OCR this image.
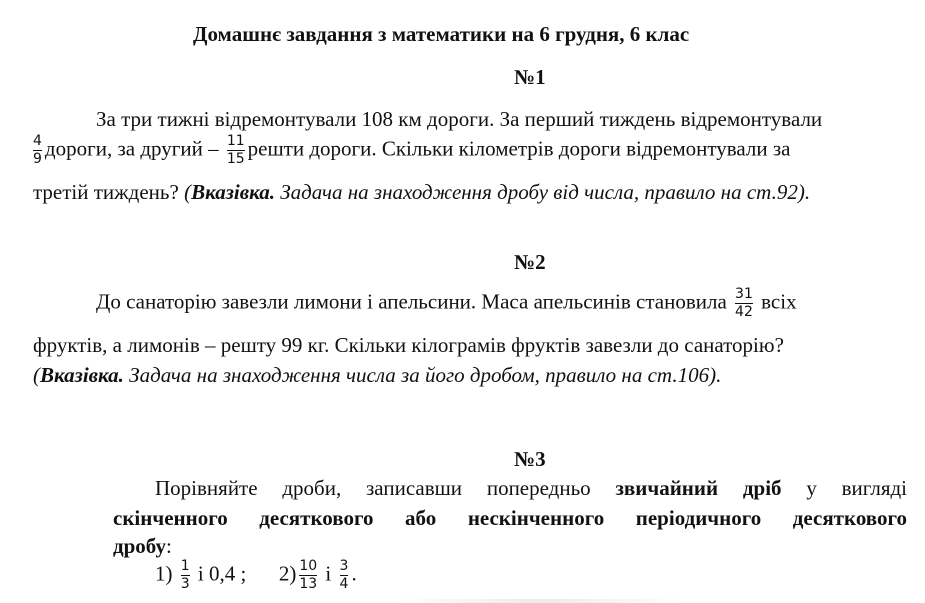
Домашнє завдання з математики на 6 грудня, 6 клас
№1
За три тижні відремонтували 108 км дороги. За перший тиждень відремонтували
$\frac{4}{9}$ дороги, за другий – $\frac{11}{15}$ решти дороги. Скільки кілометрів дороги відремонтували за
третій тиждень? (Вказівка. Задача на знаходження дробу від числа, правило на ст.92).
№2
До санаторію завезли лимони і апельсини. Маса апельсинів становила $\frac{31}{42}$ всіх
фруктів, а лимонів – решту 99 кг. Скільки кілограмів фруктів завезли до санаторію?
(Вказівка. Задача на знаходження числа за його дробом, правило на ст.106).
№3
Порівняйте дроби, записавши попередньо звичайний дріб у вигляді
скінченного десяткового або нескінченного періодичного десяткового
дробу:
$1) \frac{1}{3}$ і 0,4 ; $2) \frac{10}{13}$ і $\frac{3}{4}$ .
